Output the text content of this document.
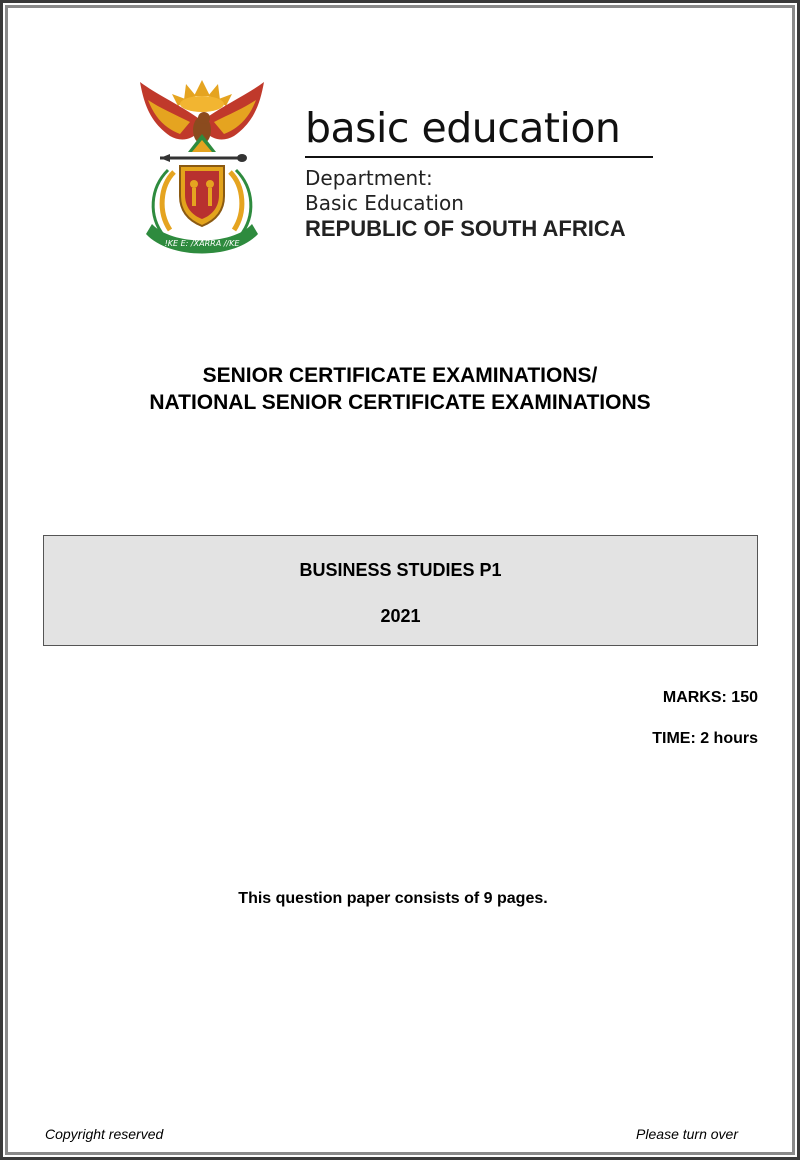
!KE E: /XARRA //KE
basic education
Department:
Basic Education
REPUBLIC OF SOUTH AFRICA
SENIOR CERTIFICATE EXAMINATIONS/
NATIONAL SENIOR CERTIFICATE EXAMINATIONS
BUSINESS STUDIES P1
2021
MARKS: 150
TIME: 2 hours
This question paper consists of 9 pages.
Copyright reserved	Please turn over
